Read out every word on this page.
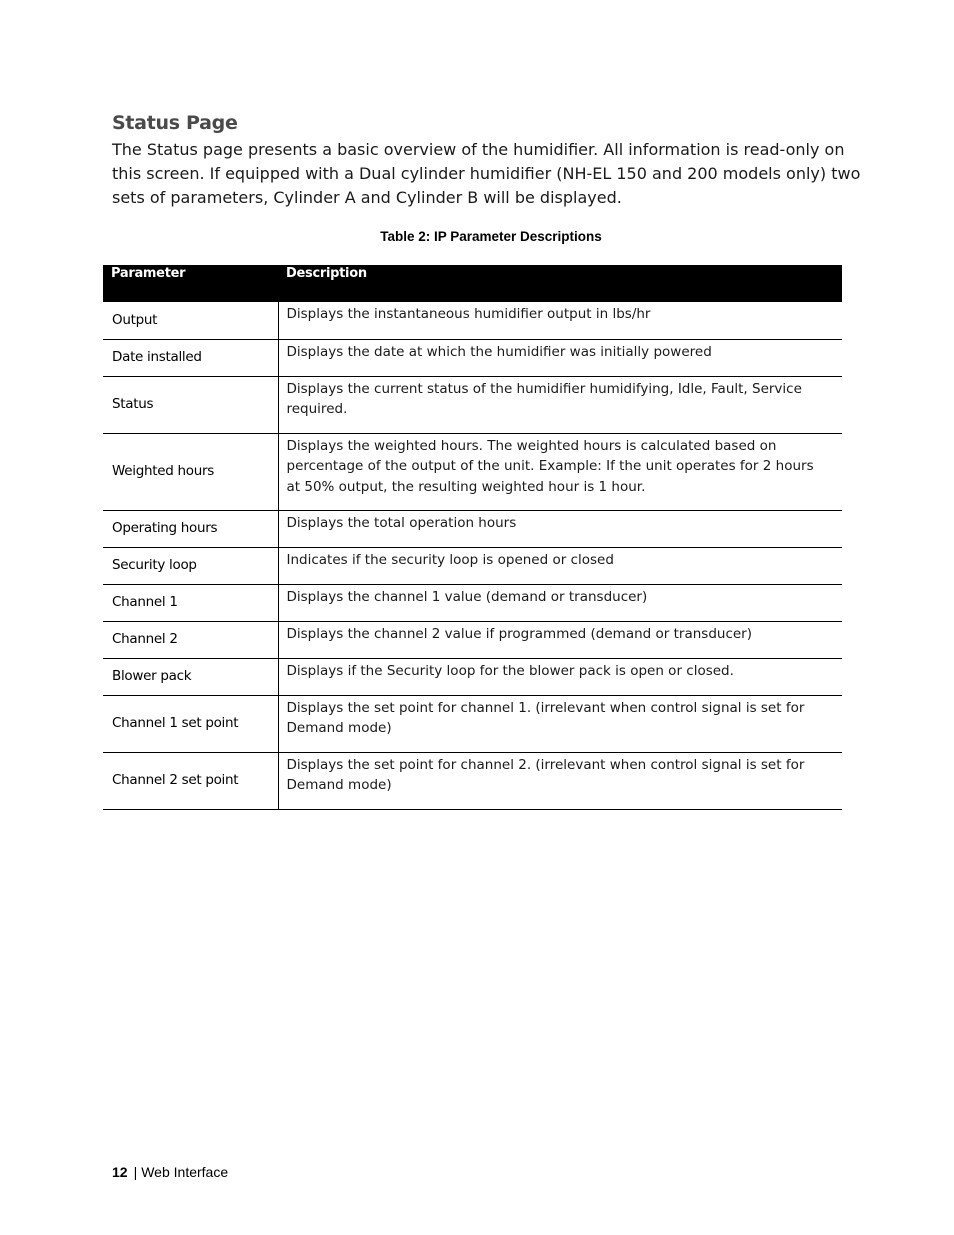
Status Page

The Status page presents a basic overview of the humidifier. All information is read-only on this screen. If equipped with a Dual cylinder humidifier (NH-EL 150 and 200 models only) two sets of parameters, Cylinder A and Cylinder B will be displayed.

Table 2: IP Parameter Descriptions
Parameter	Description
Output	Displays the instantaneous humidifier output in lbs/hr
Date installed	Displays the date at which the humidifier was initially powered
Status	Displays the current status of the humidifier humidifying, Idle, Fault, Service required.
Weighted hours	Displays the weighted hours. The weighted hours is calculated based on percentage of the output of the unit. Example: If the unit operates for 2 hours at 50% output, the resulting weighted hour is 1 hour.
Operating hours	Displays the total operation hours
Security loop	Indicates if the security loop is opened or closed
Channel 1	Displays the channel 1 value (demand or transducer)
Channel 2	Displays the channel 2 value if programmed (demand or transducer)
Blower pack	Displays if the Security loop for the blower pack is open or closed.
Channel 1 set point	Displays the set point for channel 1. (irrelevant when control signal is set for Demand mode)
Channel 2 set point	Displays the set point for channel 2. (irrelevant when control signal is set for Demand mode)
12 | Web Interface
